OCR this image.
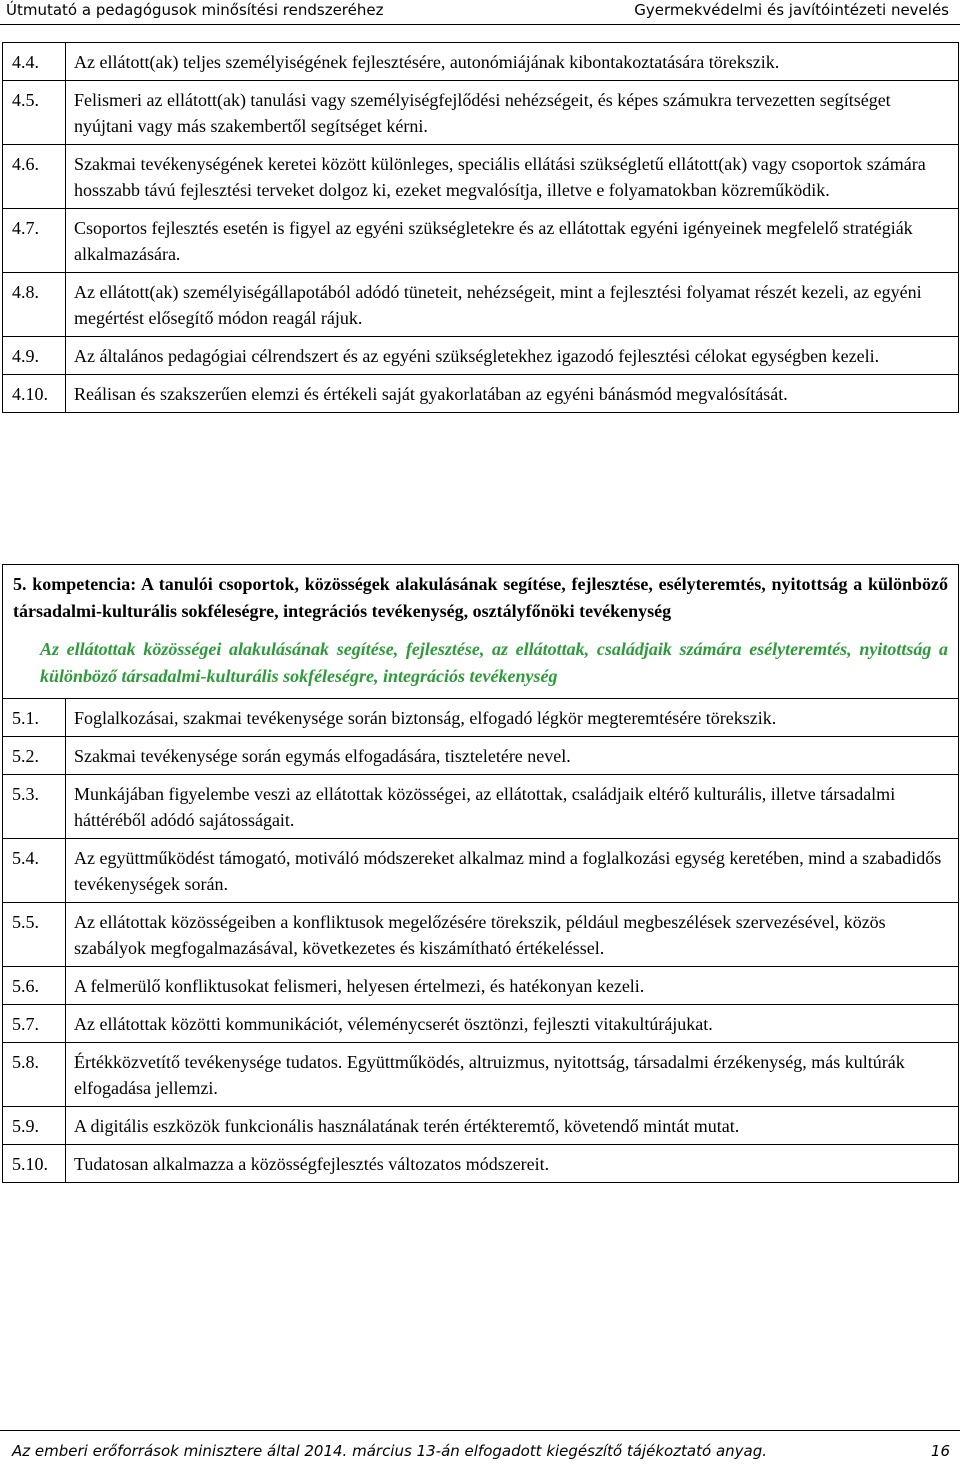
Útmutató a pedagógusok minősítési rendszeréhez	Gyermekvédelmi és javítóintézeti nevelés
4.4.	Az ellátott(ak) teljes személyiségének fejlesztésére, autonómiájának kibontakoztatására törekszik.
4.5.	Felismeri az ellátott(ak) tanulási vagy személyiségfejlődési nehézségeit, és képes számukra tervezetten segítséget nyújtani vagy más szakembertől segítséget kérni.
4.6.	Szakmai tevékenységének keretei között különleges, speciális ellátási szükségletű ellátott(ak) vagy csoportok számára hosszabb távú fejlesztési terveket dolgoz ki, ezeket megvalósítja, illetve e folyamatokban közreműködik.
4.7.	Csoportos fejlesztés esetén is figyel az egyéni szükségletekre és az ellátottak egyéni igényeinek megfelelő stratégiák alkalmazására.
4.8.	Az ellátott(ak) személyiségállapotából adódó tüneteit, nehézségeit, mint a fejlesztési folyamat részét kezeli, az egyéni megértést elősegítő módon reagál rájuk.
4.9.	Az általános pedagógiai célrendszert és az egyéni szükségletekhez igazodó fejlesztési célokat egységben kezeli.
4.10.	Reálisan és szakszerűen elemzi és értékeli saját gyakorlatában az egyéni bánásmód megvalósítását.
5. kompetencia: A tanulói csoportok, közösségek alakulásának segítése, fejlesztése, esélyteremtés, nyitottság a különböző társadalmi-kulturális sokféleségre, integrációs tevékenység, osztályfőnöki tevékenység
Az ellátottak közösségei alakulásának segítése, fejlesztése, az ellátottak, családjaik számára esélyteremtés, nyitottság a különböző társadalmi-kulturális sokféleségre, integrációs tevékenység	

5.1.	Foglalkozásai, szakmai tevékenysége során biztonság, elfogadó légkör megteremtésére törekszik.
5.2.	Szakmai tevékenysége során egymás elfogadására, tiszteletére nevel.
5.3.	Munkájában figyelembe veszi az ellátottak közösségei, az ellátottak, családjaik eltérő kulturális, illetve társadalmi háttéréből adódó sajátosságait.
5.4.	Az együttműködést támogató, motiváló módszereket alkalmaz mind a foglalkozási egység keretében, mind a szabadidős tevékenységek során.
5.5.	Az ellátottak közösségeiben a konfliktusok megelőzésére törekszik, például megbeszélések szervezésével, közös szabályok megfogalmazásával, következetes és kiszámítható értékeléssel.
5.6.	A felmerülő konfliktusokat felismeri, helyesen értelmezi, és hatékonyan kezeli.
5.7.	Az ellátottak közötti kommunikációt, véleménycserét ösztönzi, fejleszti vitakultúrájukat.
5.8.	Értékközvetítő tevékenysége tudatos. Együttműködés, altruizmus, nyitottság, társadalmi érzékenység, más kultúrák elfogadása jellemzi.
5.9.	A digitális eszközök funkcionális használatának terén értékteremtő, követendő mintát mutat.
5.10.	Tudatosan alkalmazza a közösségfejlesztés változatos módszereit.
Az emberi erőforrások minisztere által 2014. március 13-án elfogadott kiegészítő tájékoztató anyag.	16
